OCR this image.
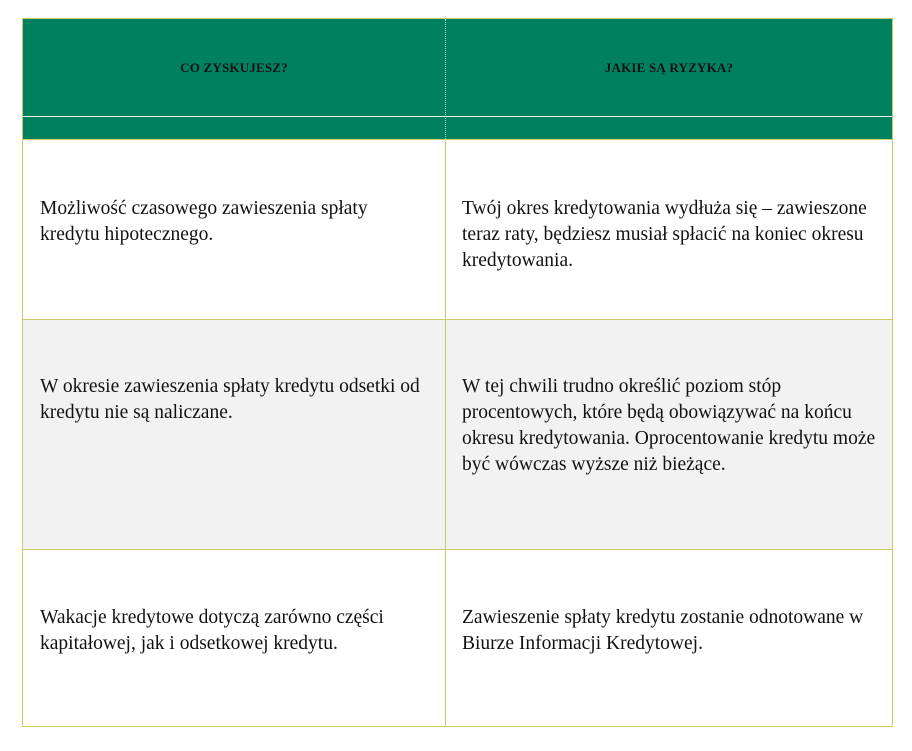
CO ZYSKUJESZ?	JAKIE SĄ RYZYKA?
Możliwość czasowego zawieszenia spłaty kredytu hipotecznego.
Twój okres kredytowania wydłuża się – zawieszone teraz raty, będziesz musiał spłacić na koniec okresu kredytowania.
W okresie zawieszenia spłaty kredytu odsetki od kredytu nie są naliczane.
W tej chwili trudno określić poziom stóp procentowych, które będą obowiązywać na końcu okresu kredytowania. Oprocentowanie kredytu może być wówczas wyższe niż bieżące.
Wakacje kredytowe dotyczą zarówno części kapitałowej, jak i odsetkowej kredytu.
Zawieszenie spłaty kredytu zostanie odnotowane w Biurze Informacji Kredytowej.
